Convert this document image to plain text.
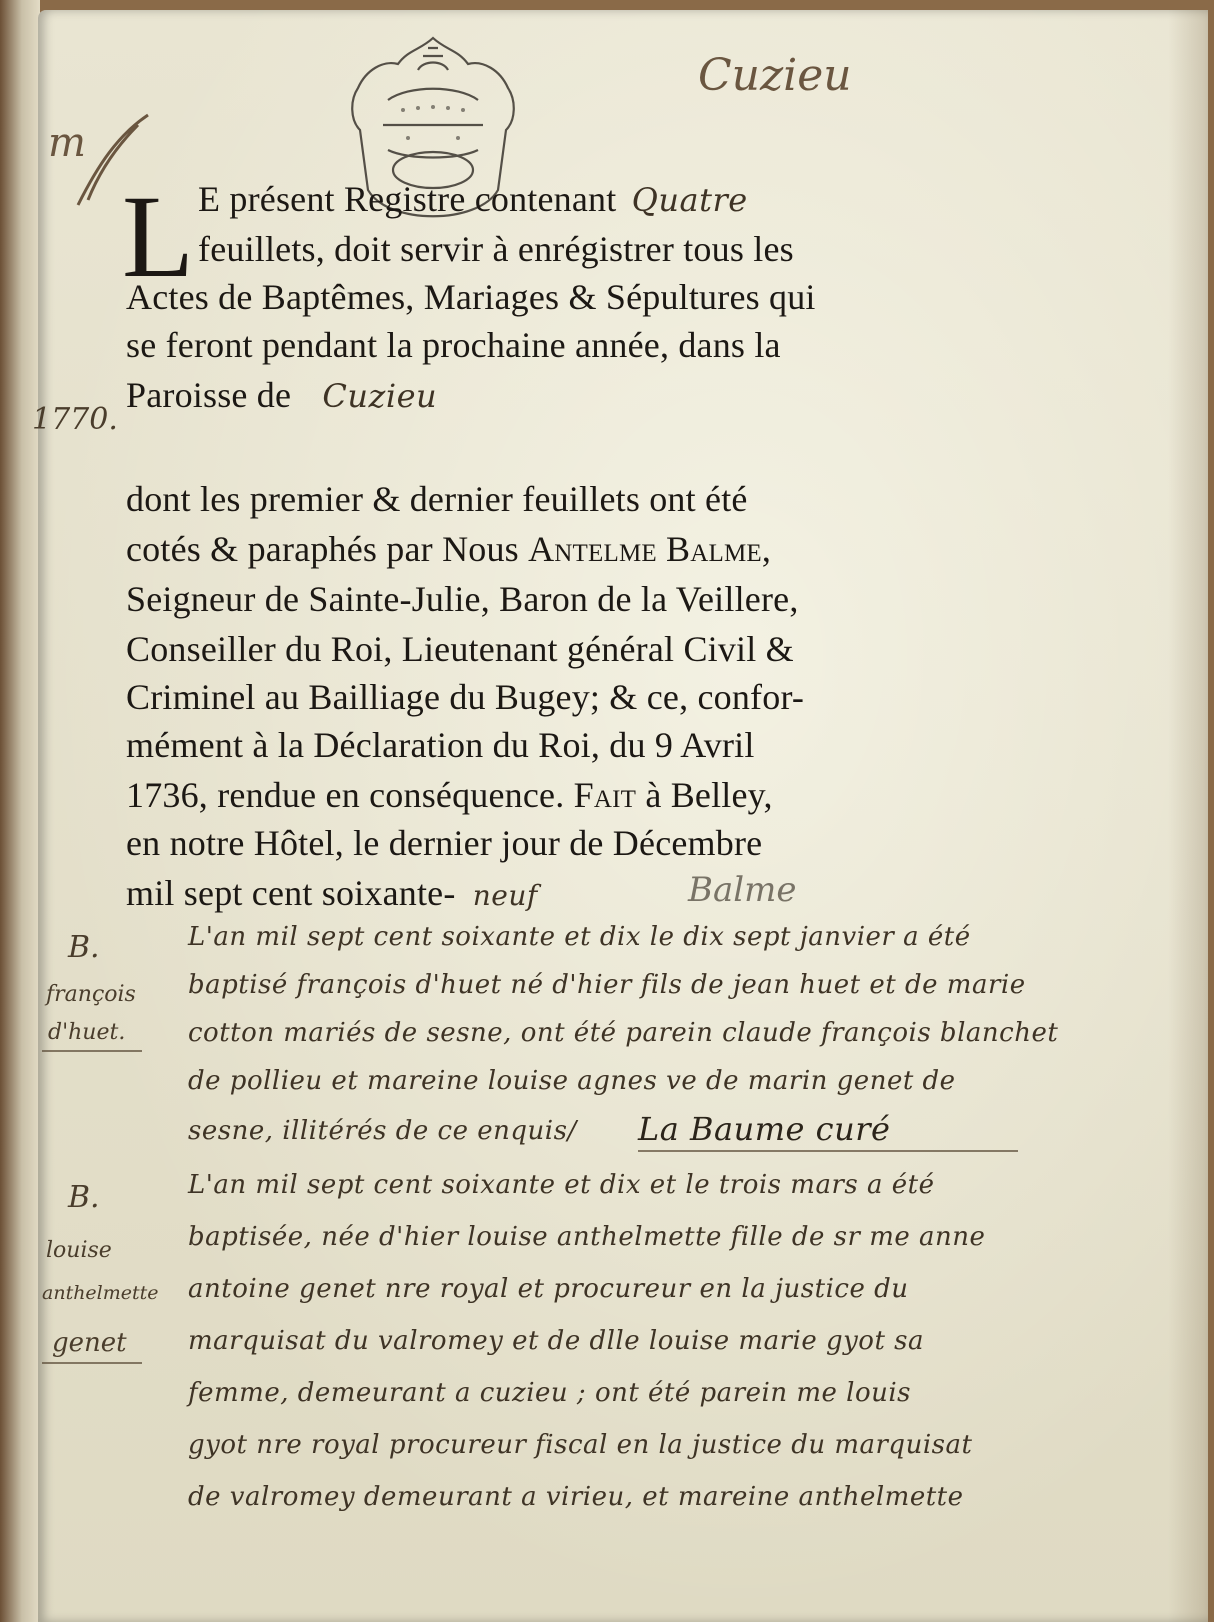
Cuzieu
m
1770.
L E présent Registre contenant Quatre
feuillets, doit servir à enrégistrer tous les
Actes de Baptêmes, Mariages & Sépultures qui
se feront pendant la prochaine année, dans la
Paroisse de Cuzieu
dont les premier & dernier feuillets ont été
cotés & paraphés par Nous Antelme Balme,
Seigneur de Sainte-Julie, Baron de la Veillere,
Conseiller du Roi, Lieutenant général Civil &
Criminel au Bailliage du Bugey; & ce, confor-
mément à la Déclaration du Roi, du 9 Avril
1736, rendue en conséquence. Fait à Belley,
en notre Hôtel, le dernier jour de Décembre
mil sept cent soixante- neuf	Balme
B.
françois
d'huet.
L'an mil sept cent soixante et dix le dix sept janvier a été
baptisé françois d'huet né d'hier fils de jean huet et de marie
cotton mariés de sesne, ont été parein claude françois blanchet
de pollieu et mareine louise agnes ve de marin genet de
sesne, illitérés de ce enquis/ La Baume curé
B.
louise
anthelmette
genet
L'an mil sept cent soixante et dix et le trois mars a été
baptisée, née d'hier louise anthelmette fille de sr me anne
antoine genet nre royal et procureur en la justice du
marquisat du valromey et de dlle louise marie gyot sa
femme, demeurant a cuzieu ; ont été parein me louis
gyot nre royal procureur fiscal en la justice du marquisat
de valromey demeurant a virieu, et mareine anthelmette
